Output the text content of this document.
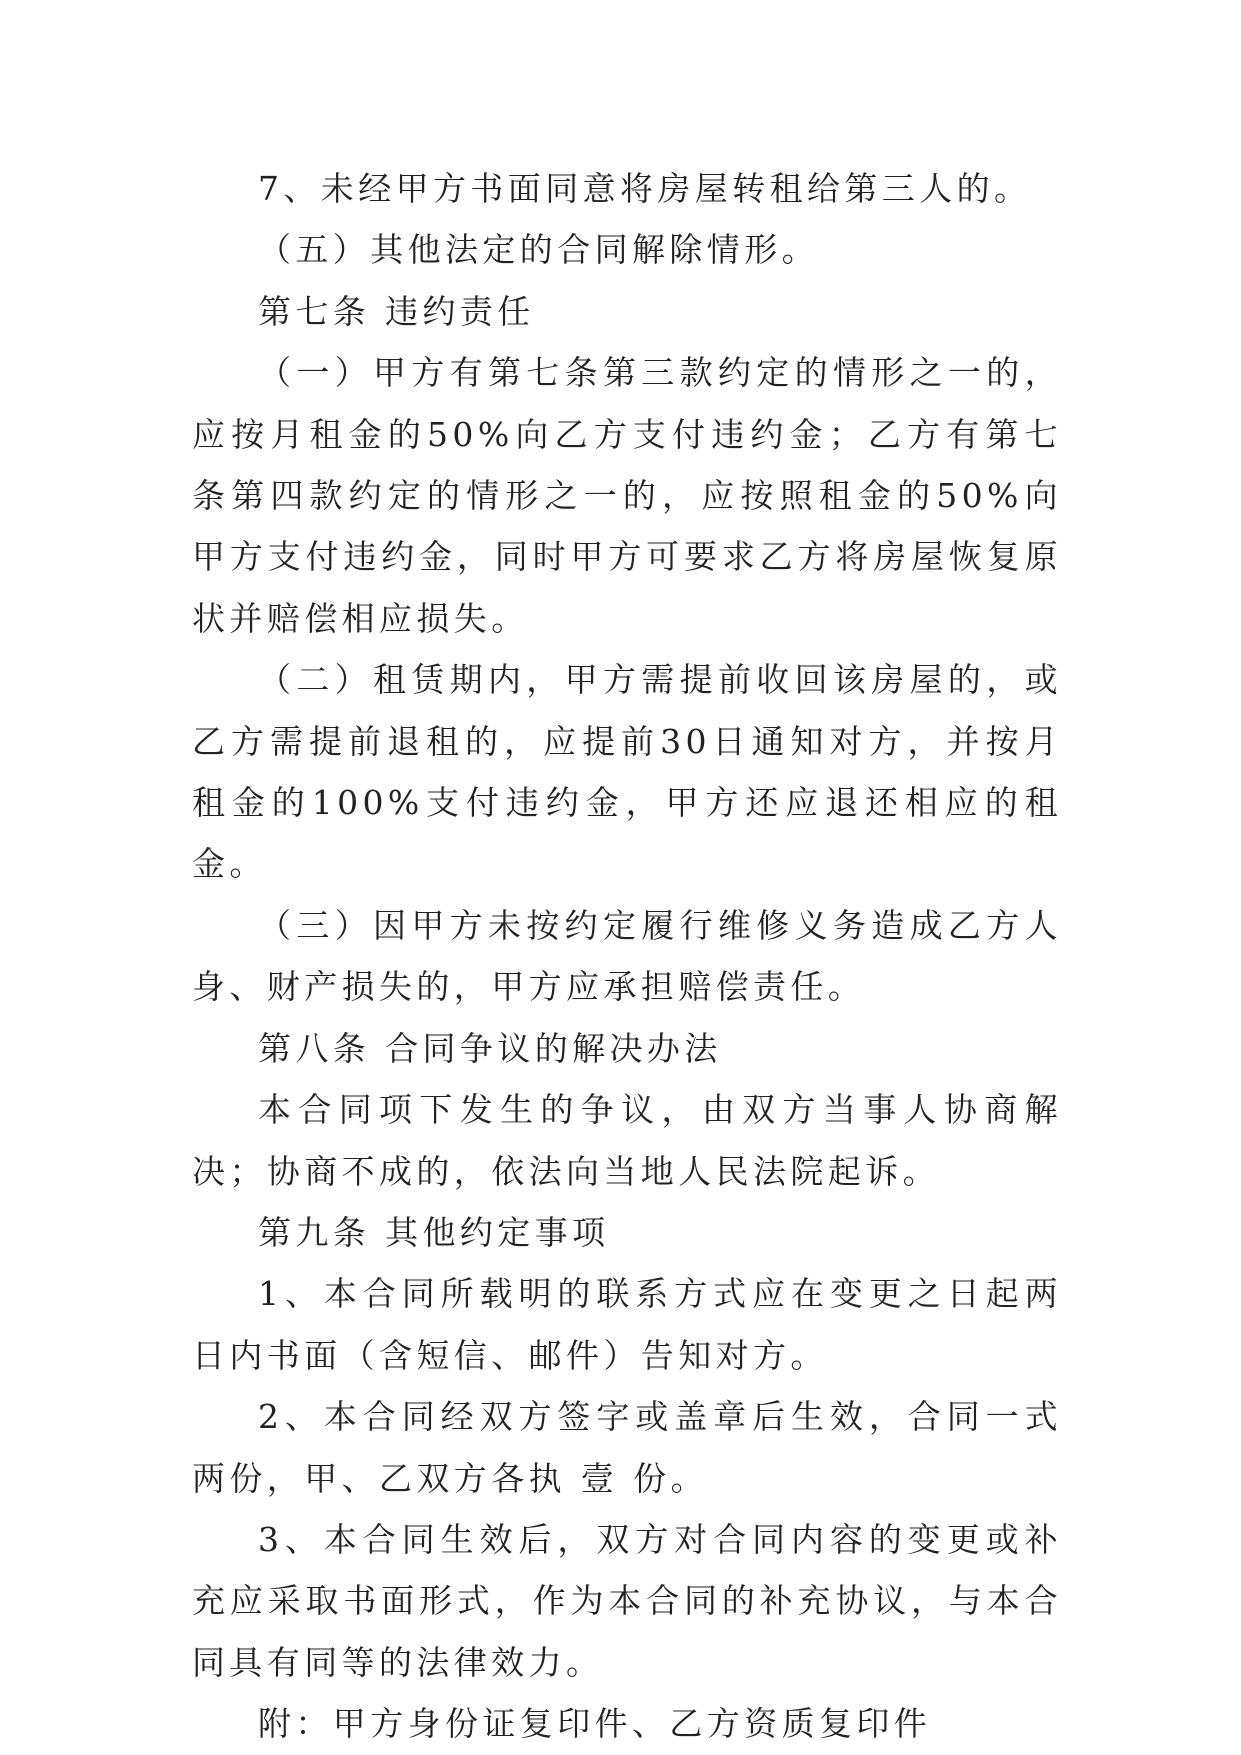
7、未经甲方书面同意将房屋转租给第三人的。

（五）其他法定的合同解除情形。

第七条 违约责任

（一）甲方有第七条第三款约定的情形之一的，应按月租金的50%向乙方支付违约金；乙方有第七条第四款约定的情形之一的，应按照租金的50%向甲方支付违约金，同时甲方可要求乙方将房屋恢复原状并赔偿相应损失。

（二）租赁期内，甲方需提前收回该房屋的，或乙方需提前退租的，应提前30日通知对方，并按月租金的100%支付违约金，甲方还应退还相应的租金。

（三）因甲方未按约定履行维修义务造成乙方人身、财产损失的，甲方应承担赔偿责任。

第八条 合同争议的解决办法

本合同项下发生的争议，由双方当事人协商解决；协商不成的，依法向当地人民法院起诉。

第九条 其他约定事项

1、本合同所载明的联系方式应在变更之日起两日内书面（含短信、邮件）告知对方。

2、本合同经双方签字或盖章后生效，合同一式两份，甲、乙双方各执 壹 份。

3、本合同生效后，双方对合同内容的变更或补充应采取书面形式，作为本合同的补充协议，与本合同具有同等的法律效力。

附：甲方身份证复印件、乙方资质复印件
